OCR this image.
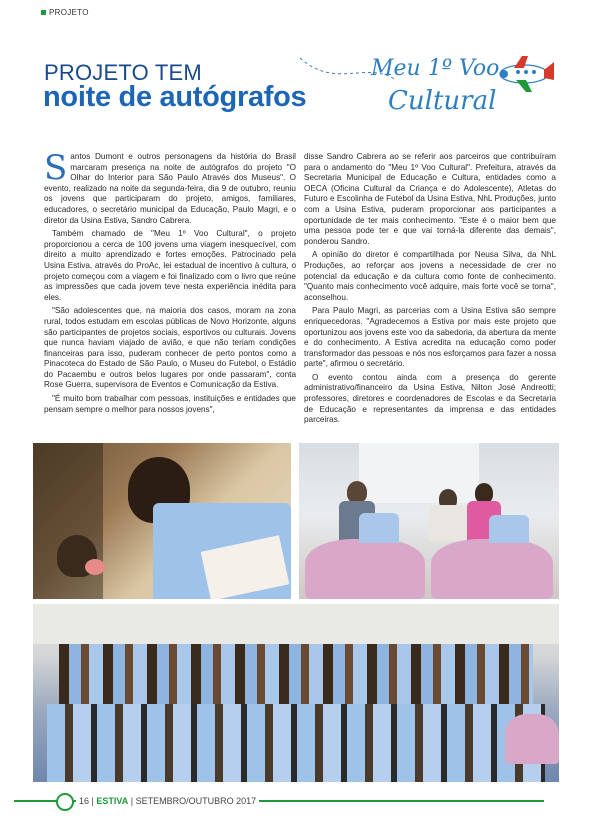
PROJETO
PROJETO TEM
noite de autógrafos
Meu 1º Voo
Cultural

Santos Dumont e outros personagens da história do Brasil marcaram presença na noite de autógrafos do projeto "O Olhar do Interior para São Paulo Através dos Museus". O evento, realizado na noite da segunda-feira, dia 9 de outubro, reuniu os jovens que participaram do projeto, amigos, familiares, educadores, o secretário municipal da Educação, Paulo Magri, e o diretor da Usina Estiva, Sandro Cabrera.

Também chamado de "Meu 1º Voo Cultural", o projeto proporcionou a cerca de 100 jovens uma viagem inesquecível, com direito a muito aprendizado e fortes emoções. Patrocinado pela Usina Estiva, através do ProAc, lei estadual de incentivo à cultura, o projeto começou com a viagem e foi finalizado com o livro que reúne as impressões que cada jovem teve nesta experiência inédita para eles.

"São adolescentes que, na maioria dos casos, moram na zona rural, todos estudam em escolas públicas de Novo Horizonte, alguns são participantes de projetos sociais, esportivos ou culturais. Jovens que nunca haviam viajado de avião, e que não teriam condições financeiras para isso, puderam conhecer de perto pontos como a Pinacoteca do Estado de São Paulo, o Museu do Futebol, o Estádio do Pacaembu e outros belos lugares por onde passaram", conta Rose Guerra, supervisora de Eventos e Comunicação da Estiva.

"É muito bom trabalhar com pessoas, instituições e entidades que pensam sempre o melhor para nossos jovens",

disse Sandro Cabrera ao se referir aos parceiros que contribuíram para o andamento do "Meu 1º Voo Cultural". Prefeitura, através da Secretaria Municipal de Educação e Cultura, entidades como a OECA (Oficina Cultural da Criança e do Adolescente), Atletas do Futuro e Escolinha de Futebol da Usina Estiva, NhL Produções, junto com a Usina Estiva, puderam proporcionar aos participantes a oportunidade de ter mais conhecimento. "Este é o maior bem que uma pessoa pode ter e que vai torná-la diferente das demais", ponderou Sandro.

A opinião do diretor é compartilhada por Neusa Silva, da NhL Produções, ao reforçar aos jovens a necessidade de crer no potencial da educação e da cultura como fonte de conhecimento. "Quanto mais conhecimento você adquire, mais forte você se torna", aconselhou.

Para Paulo Magri, as parcerias com a Usina Estiva são sempre enriquecedoras. "Agradecemos a Estiva por mais este projeto que oportunizou aos jovens este voo da sabedoria, da abertura da mente e do conhecimento. A Estiva acredita na educação como poder transformador das pessoas e nós nos esforçamos para fazer a nossa parte", afirmou o secretário.

O evento contou ainda com a presença do gerente administrativo/financeiro da Usina Estiva, Nilton José Andreotti; professores, diretores e coordenadores de Escolas e da Secretaria de Educação e representantes da imprensa e das entidades parceiras.

16 | ESTIVA | SETEMBRO/OUTUBRO 2017
